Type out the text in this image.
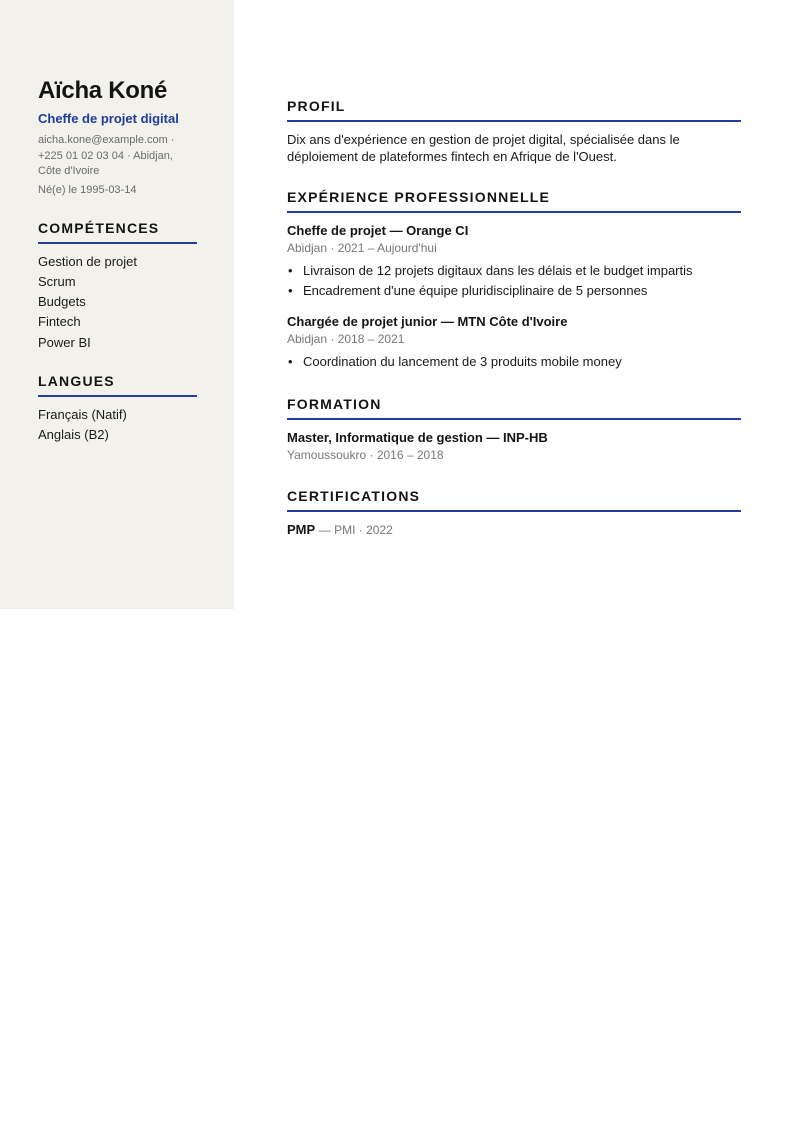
Aïcha Koné
Cheffe de projet digital
aicha.kone@example.com · +225 01 02 03 04 · Abidjan, Côte d'Ivoire
Né(e) le 1995-03-14
COMPÉTENCES
Gestion de projet
Scrum
Budgets
Fintech
Power BI
LANGUES
Français (Natif)
Anglais (B2)
PROFIL

Dix ans d'expérience en gestion de projet digital, spécialisée dans le déploiement de plateformes fintech en Afrique de l'Ouest.

EXPÉRIENCE PROFESSIONNELLE
Cheffe de projet — Orange CI
Abidjan · 2021 – Aujourd'hui
• Livraison de 12 projets digitaux dans les délais et le budget impartis
• Encadrement d'une équipe pluridisciplinaire de 5 personnes
Chargée de projet junior — MTN Côte d'Ivoire
Abidjan · 2018 – 2021
• Coordination du lancement de 3 produits mobile money
FORMATION
Master, Informatique de gestion — INP-HB
Yamoussoukro · 2016 – 2018
CERTIFICATIONS
PMP — PMI · 2022
